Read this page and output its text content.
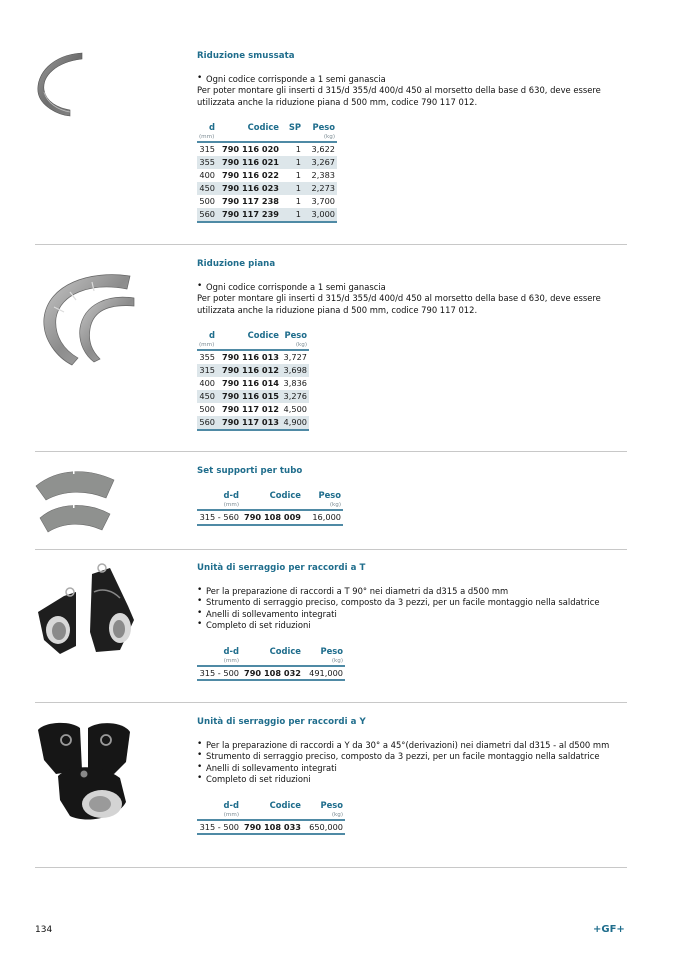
Riduzione smussata
• Ogni codice corrisponde a 1 semi ganascia
Per poter montare gli inserti d 315/d 355/d 400/d 450 al morsetto della base d 630, deve essere utilizzata anche la riduzione piana d 500 mm, codice 790 117 012.
d	Codice	SP	Peso
(mm)			(kg)
315	790 116 020	1	3,622
355	790 116 021	1	3,267
400	790 116 022	1	2,383
450	790 116 023	1	2,273
500	790 117 238	1	3,700
560	790 117 239	1	3,000
Riduzione piana
• Ogni codice corrisponde a 1 semi ganascia
Per poter montare gli inserti d 315/d 355/d 400/d 450 al morsetto della base d 630, deve essere utilizzata anche la riduzione piana d 500 mm, codice 790 117 012.
d	Codice	Peso
(mm)		(kg)
355	790 116 013	3,727
315	790 116 012	3,698
400	790 116 014	3,836
450	790 116 015	3,276
500	790 117 012	4,500
560	790 117 013	4,900
Set supporti per tubo
d-d	Codice	Peso
(mm)		(kg)
315 - 560	790 108 009	16,000
Unità di serraggio per raccordi a T
• Per la preparazione di raccordi a T 90° nei diametri da d315 a d500 mm
• Strumento di serraggio preciso, composto da 3 pezzi, per un facile montaggio nella saldatrice
• Anelli di sollevamento integrati
• Completo di set riduzioni
d-d	Codice	Peso
(mm)		(kg)
315 - 500	790 108 032	491,000
Unità di serraggio per raccordi a Y
• Per la preparazione di raccordi a Y da 30° a 45°(derivazioni) nei diametri dal d315 - al d500 mm
• Strumento di serraggio preciso, composto da 3 pezzi, per un facile montaggio nella saldatrice
• Anelli di sollevamento integrati
• Completo di set riduzioni
d-d	Codice	Peso
(mm)		(kg)
315 - 500	790 108 033	650,000
134	+GF+
